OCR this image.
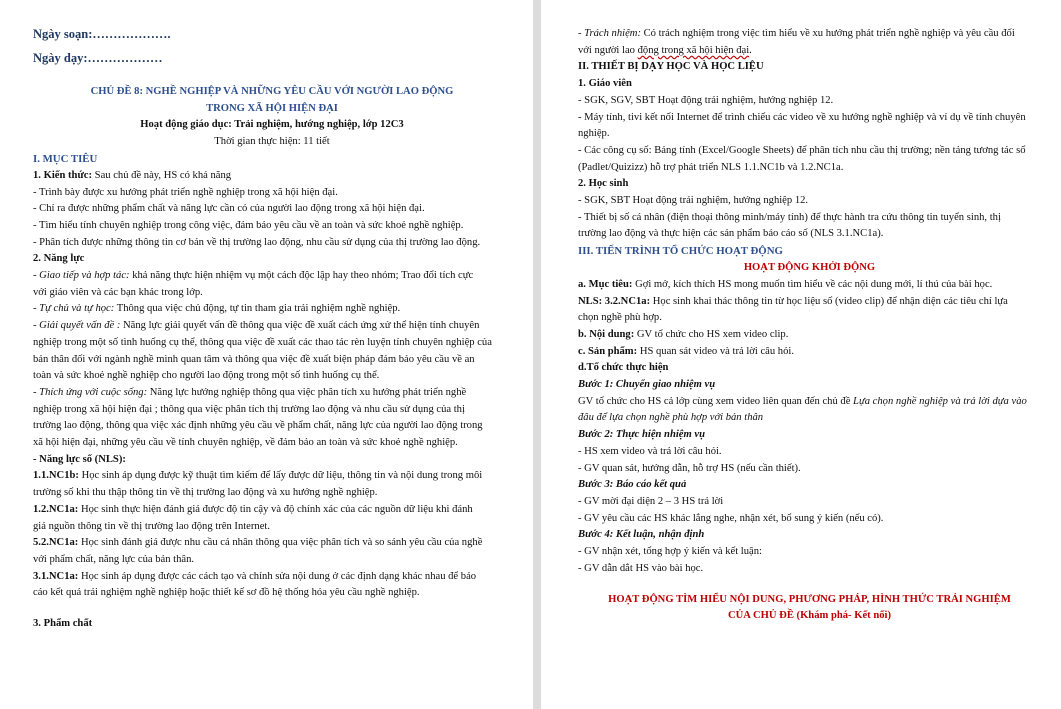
Ngày soạn:……………….

Ngày dạy:………………

CHỦ ĐỀ 8: NGHỀ NGHIỆP VÀ NHỮNG YÊU CẦU VỚI NGƯỜI LAO ĐỘNG

TRONG XÃ HỘI HIỆN ĐẠI

Hoạt động giáo dục: Trải nghiệm, hướng nghiệp, lớp 12C3

Thời gian thực hiện: 11 tiết

I. MỤC TIÊU

1. Kiến thức: Sau chủ đề này, HS có khả năng

- Trình bày được xu hướng phát triển nghề nghiệp trong xã hội hiện đại.

- Chỉ ra được những phẩm chất và năng lực cần có của người lao động trong xã hội hiện đại.

- Tìm hiểu tính chuyên nghiệp trong công việc, đảm bảo yêu cầu về an toàn và sức khoẻ nghề nghiệp.

- Phân tích được những thông tin cơ bản về thị trường lao động, nhu cầu sử dụng của thị trường lao động.

2. Năng lực

- Giao tiếp và hợp tác: khả năng thực hiện nhiệm vụ một cách độc lập hay theo nhóm; Trao đổi tích cực

với giáo viên và các bạn khác trong lớp.

- Tự chủ và tự học: Thông qua việc chủ động, tự tin tham gia trải nghiệm nghề nghiệp.

- Giải quyết vấn đề : Năng lực giải quyết vấn đề thông qua việc đề xuất cách ứng xử thể hiện tính chuyên

nghiệp trong một số tình huống cụ thể, thông qua việc đề xuất các thao tác rèn luyện tính chuyên nghiệp của

bản thân đối với ngành nghề mình quan tâm và thông qua việc đề xuất biện pháp đảm bảo yêu cầu về an

toàn và sức khoẻ nghề nghiệp cho người lao động trong một số tình huống cụ thể.

- Thích ứng với cuộc sống: Năng lực hướng nghiệp thông qua việc phân tích xu hướng phát triển nghề

nghiệp trong xã hội hiện đại ; thông qua việc phân tích thị trường lao động và nhu cầu sử dụng của thị

trường lao động, thông qua việc xác định những yêu cầu về phẩm chất, năng lực của người lao động trong

xã hội hiện đại, những yêu cầu về tính chuyên nghiệp, về đảm bảo an toàn và sức khoẻ nghề nghiệp.

- Năng lực số (NLS):

1.1.NC1b: Học sinh áp dụng được kỹ thuật tìm kiếm để lấy được dữ liệu, thông tin và nội dung trong môi

trường số khi thu thập thông tin về thị trường lao động và xu hướng nghề nghiệp.

1.2.NC1a: Học sinh thực hiện đánh giá được độ tin cậy và độ chính xác của các nguồn dữ liệu khi đánh

giá nguồn thông tin về thị trường lao động trên Internet.

5.2.NC1a: Học sinh đánh giá được nhu cầu cá nhân thông qua việc phân tích và so sánh yêu cầu của nghề

với phẩm chất, năng lực của bản thân.

3.1.NC1a: Học sinh áp dụng được các cách tạo và chỉnh sửa nội dung ở các định dạng khác nhau để báo

cáo kết quả trải nghiệm nghề nghiệp hoặc thiết kế sơ đồ hệ thống hóa yêu cầu nghề nghiệp.

3. Phẩm chất

- Trách nhiệm: Có trách nghiệm trong việc tìm hiểu về xu hướng phát triển nghề nghiệp và yêu cầu đối

với người lao động trong xã hội hiện đại.

II. THIẾT BỊ DẠY HỌC VÀ HỌC LIỆU

1. Giáo viên

- SGK, SGV, SBT Hoạt động trải nghiệm, hướng nghiệp 12.

- Máy tính, tivi kết nối Internet để trình chiếu các video về xu hướng nghề nghiệp và ví dụ về tính chuyên

nghiệp.

- Các công cụ số: Bảng tính (Excel/Google Sheets) để phân tích nhu cầu thị trường; nền tảng tương tác số

(Padlet/Quizizz) hỗ trợ phát triển NLS 1.1.NC1b và 1.2.NC1a.

2. Học sinh

- SGK, SBT Hoạt động trải nghiệm, hướng nghiệp 12.

- Thiết bị số cá nhân (điện thoại thông minh/máy tính) để thực hành tra cứu thông tin tuyển sinh, thị

trường lao động và thực hiện các sản phẩm báo cáo số (NLS 3.1.NC1a).

III. TIẾN TRÌNH TỔ CHỨC HOẠT ĐỘNG

HOẠT ĐỘNG KHỞI ĐỘNG

a. Mục tiêu: Gợi mở, kích thích HS mong muốn tìm hiểu về các nội dung mới, lí thú của bài học.

NLS: 3.2.NC1a: Học sinh khai thác thông tin từ học liệu số (video clip) để nhận diện các tiêu chí lựa

chọn nghề phù hợp.

b. Nội dung: GV tổ chức cho HS xem video clip.

c. Sản phẩm: HS quan sát video và trả lời câu hỏi.

d.Tổ chức thực hiện

Bước 1: Chuyển giao nhiệm vụ

GV tổ chức cho HS cả lớp cùng xem video liên quan đến chủ đề Lựa chọn nghề nghiệp và trả lời dựa vào

đâu để lựa chọn nghề phù hợp với bản thân

Bước 2: Thực hiện nhiệm vụ

- HS xem video và trả lời câu hỏi.

- GV quan sát, hướng dẫn, hỗ trợ HS (nếu cần thiết).

Bước 3: Báo cáo kết quả

- GV mời đại diện 2 – 3 HS trả lời

- GV yêu cầu các HS khác lắng nghe, nhận xét, bổ sung ý kiến (nếu có).

Bước 4: Kết luận, nhận định

- GV nhận xét, tổng hợp ý kiến và kết luận:

- GV dẫn dắt HS vào bài học.

HOẠT ĐỘNG TÌM HIỂU NỘI DUNG, PHƯƠNG PHÁP, HÌNH THỨC TRẢI NGHIỆM

CỦA CHỦ ĐỀ (Khám phá- Kết nối)
